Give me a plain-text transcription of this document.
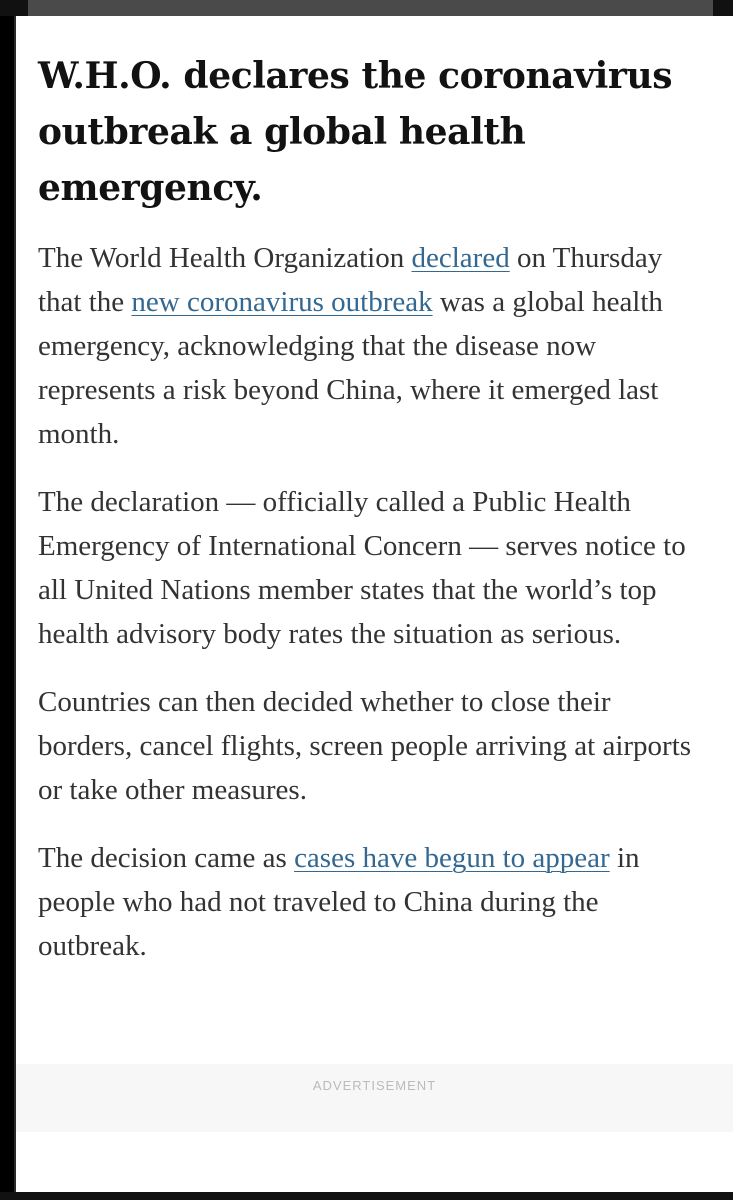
W.H.O. declares the coronavirus outbreak a global health emergency.

The World Health Organization declared on Thursday that the new coronavirus outbreak was a global health emergency, acknowledging that the disease now represents a risk beyond China, where it emerged last month.

The declaration — officially called a Public Health Emergency of International Concern — serves notice to all United Nations member states that the world’s top health advisory body rates the situation as serious.

Countries can then decided whether to close their borders, cancel flights, screen people arriving at airports or take other measures.

The decision came as cases have begun to appear in people who had not traveled to China during the outbreak.

ADVERTISEMENT
